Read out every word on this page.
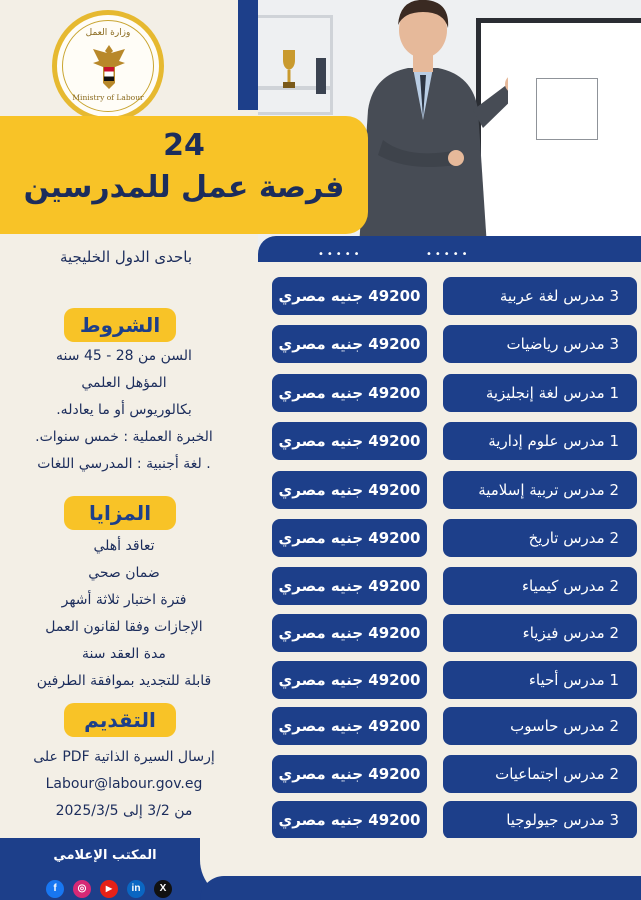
•••••	•••••
وزارة العمل
Ministry of Labour
24
فرصة عمل للمدرسين
باحدى الدول الخليجية
الشروط
السن من 28 - 45 سنه
المؤهل العلمي
بكالوريوس أو ما يعادله.
الخبرة العملية : خمس سنوات.
. لغة أجنبية : المدرسي اللغات
المزايا
تعاقد أهلي
ضمان صحي
فترة اختبار ثلاثة أشهر
الإجازات وفقا لقانون العمل
مدة العقد سنة
قابلة للتجديد بموافقة الطرفين
التقديم
إرسال السيرة الذاتية PDF على
Labour@labour.gov.eg
من 3/2 إلى 2025/3/5
49200 جنيه مصري	3 مدرس لغة عربية
49200 جنيه مصري	3 مدرس رياضيات
49200 جنيه مصري	1 مدرس لغة إنجليزية
49200 جنيه مصري	1 مدرس علوم إدارية
49200 جنيه مصري	2 مدرس تربية إسلامية
49200 جنيه مصري	2 مدرس تاريخ
49200 جنيه مصري	2 مدرس كيمياء
49200 جنيه مصري	2 مدرس فيزياء
49200 جنيه مصري	1 مدرس أحياء
49200 جنيه مصري	2 مدرس حاسوب
49200 جنيه مصري	2 مدرس اجتماعيات
49200 جنيه مصري	3 مدرس جيولوجيا
المكتب الإعلامي
f	◎	▶	in	X
